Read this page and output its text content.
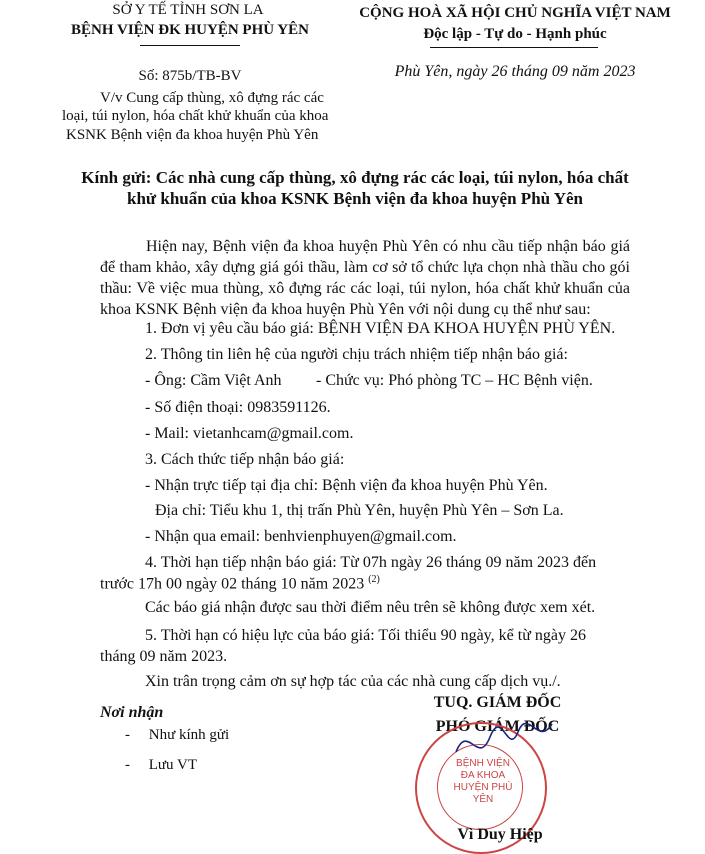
SỞ Y TẾ TỈNH SƠN LA
BỆNH VIỆN ĐK HUYỆN PHÙ YÊN
Số: 875b/TB-BV
V/v Cung cấp thùng, xô đựng rác các
loại, túi nylon, hóa chất khử khuẩn của khoa
KSNK Bệnh viện đa khoa huyện Phù Yên
CỘNG HOÀ XÃ HỘI CHỦ NGHĨA VIỆT NAM
Độc lập - Tự do - Hạnh phúc
Phù Yên, ngày 26 tháng 09 năm 2023
Kính gửi: Các nhà cung cấp thùng, xô đựng rác các loại, túi nylon, hóa chất
khử khuẩn của khoa KSNK Bệnh viện đa khoa huyện Phù Yên
Hiện nay, Bệnh viện đa khoa huyện Phù Yên có nhu cầu tiếp nhận báo giá để tham khảo, xây dựng giá gói thầu, làm cơ sở tổ chức lựa chọn nhà thầu cho gói thầu: Về việc mua thùng, xô đựng rác các loại, túi nylon, hóa chất khử khuẩn của khoa KSNK Bệnh viện đa khoa huyện Phù Yên với nội dung cụ thể như sau:
1. Đơn vị yêu cầu báo giá: BỆNH VIỆN ĐA KHOA HUYỆN PHÙ YÊN.
2. Thông tin liên hệ của người chịu trách nhiệm tiếp nhận báo giá:
- Ông: Cầm Việt Anh - Chức vụ: Phó phòng TC – HC Bệnh viện.
- Số điện thoại: 0983591126.
- Mail: vietanhcam@gmail.com.
3. Cách thức tiếp nhận báo giá:
- Nhận trực tiếp tại địa chỉ: Bệnh viện đa khoa huyện Phù Yên.
Địa chỉ: Tiểu khu 1, thị trấn Phù Yên, huyện Phù Yên – Sơn La.
- Nhận qua email: benhvienphuyen@gmail.com.
4. Thời hạn tiếp nhận báo giá: Từ 07h ngày 26 tháng 09 năm 2023 đến
trước 17h 00 ngày 02 tháng 10 năm 2023 $^{(2)}$
Các báo giá nhận được sau thời điểm nêu trên sẽ không được xem xét.
5. Thời hạn có hiệu lực của báo giá: Tối thiểu 90 ngày, kể từ ngày 26
tháng 09 năm 2023.
Xin trân trọng cảm ơn sự hợp tác của các nhà cung cấp dịch vụ./.
Nơi nhận
-     Như kính gửi
-     Lưu VT
TUQ. GIÁM ĐỐC
PHÓ GIÁM ĐỐC
BỆNH VIỆN ĐA KHOA HUYỆN PHÙ YÊN
Vì Duy Hiệp
